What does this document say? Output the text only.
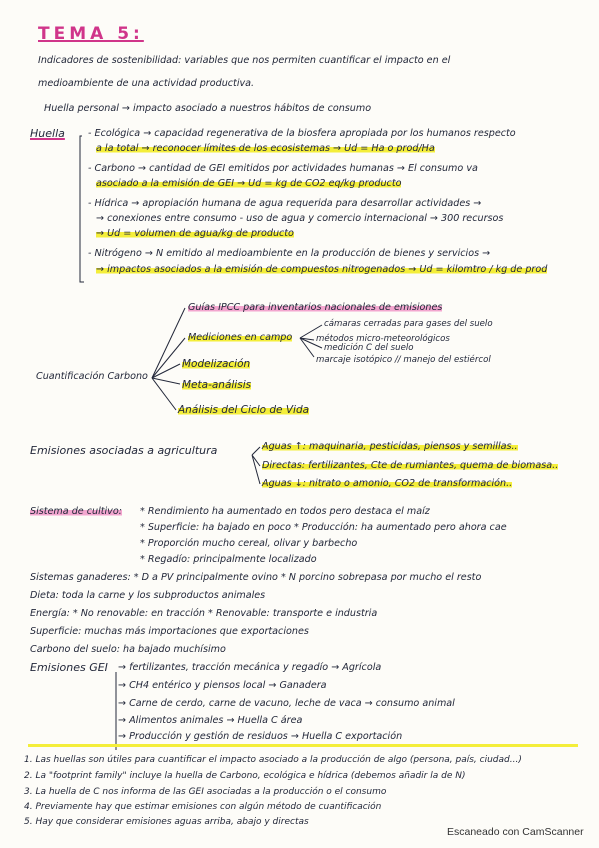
TEMA 5:
Indicadores de sostenibilidad: variables que nos permiten cuantificar el impacto en el
medioambiente de una actividad productiva.
Huella personal → impacto asociado a nuestros hábitos de consumo
Huella - Ecológica → capacidad regenerativa de la biosfera apropiada por los humanos respecto
a la total → reconocer límites de los ecosistemas → Ud = Ha o prod/Ha
- Carbono → cantidad de GEI emitidos por actividades humanas → El consumo va
asociado a la emisión de GEI → Ud = kg de CO2 eq/kg producto
- Hídrica → apropiación humana de agua requerida para desarrollar actividades →
→ conexiones entre consumo - uso de agua y comercio internacional → 300 recursos
→ Ud = volumen de agua/kg de producto
- Nitrógeno → N emitido al medioambiente en la producción de bienes y servicios →
→ impactos asociados a la emisión de compuestos nitrogenados → Ud = kilomtro / kg de prod
Cuantificación Carbono
Guías IPCC para inventarios nacionales de emisiones
Mediciones en campo
Modelización
Meta-análisis
Análisis del Ciclo de Vida
cámaras cerradas para gases del suelo
métodos micro-meteorológicos
medición C del suelo
marcaje isotópico // manejo del estiércol
Emisiones asociadas a agricultura	Aguas ↑: maquinaria, pesticidas, piensos y semillas..
Directas: fertilizantes, Cte de rumiantes, quema de biomasa..
Aguas ↓: nitrato o amonio, CO2 de transformación..
Sistema de cultivo: * Rendimiento ha aumentado en todos pero destaca el maíz
* Superficie: ha bajado en poco * Producción: ha aumentado pero ahora cae
* Proporción mucho cereal, olivar y barbecho
* Regadío: principalmente localizado
Sistemas ganaderes: * D a PV principalmente ovino * N porcino sobrepasa por mucho el resto
Dieta: toda la carne y los subproductos animales
Energía: * No renovable: en tracción * Renovable: transporte e industria
Superficie: muchas más importaciones que exportaciones
Carbono del suelo: ha bajado muchísimo
Emisiones GEI → fertilizantes, tracción mecánica y regadío → Agrícola
→ CH4 entérico y piensos local → Ganadera
→ Carne de cerdo, carne de vacuno, leche de vaca → consumo animal
→ Alimentos animales → Huella C área
→ Producción y gestión de residuos → Huella C exportación
1. Las huellas son útiles para cuantificar el impacto asociado a la producción de algo (persona, país, ciudad...)
2. La "footprint family" incluye la huella de Carbono, ecológica e hídrica (debemos añadir la de N)
3. La huella de C nos informa de las GEI asociadas a la producción o el consumo
4. Previamente hay que estimar emisiones con algún método de cuantificación
5. Hay que considerar emisiones aguas arriba, abajo y directas
Escaneado con CamScanner
